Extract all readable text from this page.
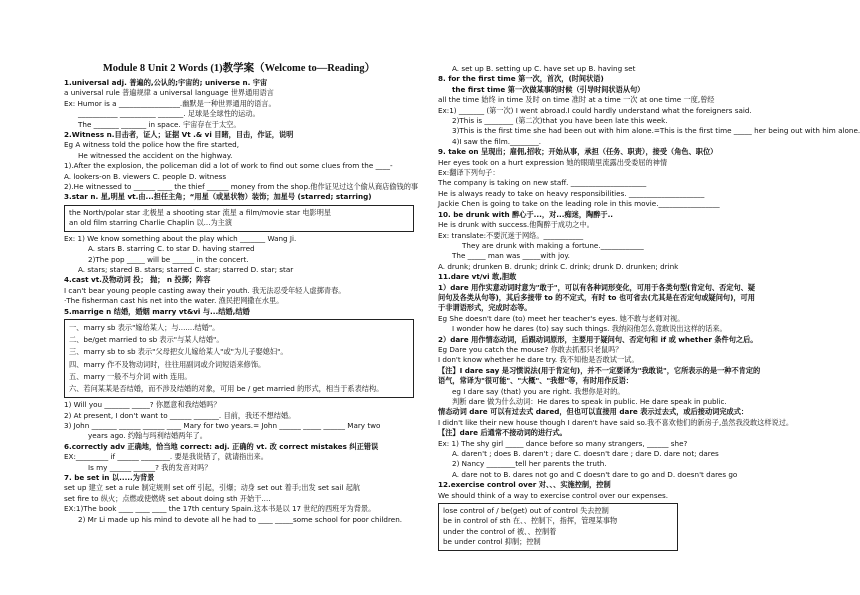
Module 8 Unit 2 Words (1)教学案（Welcome to—Reading）

1.universal adj. 普遍的,公认的;宇宙的; universe n. 宇宙

a universal rule 普遍规律 a universal language 世界通用语言

Ex: Humor is a _________________.幽默是一种世界通用的语言。

___________ __________ _______. 足球是全球性的运动。

The _______ _______ in space. 宇宙存在于太空。

2.Witness n.目击者，证人；证据 Vt .& vi 目睹，目击，作证，说明

Eg A witness told the police how the fire started,

He witnessed the accident on the highway.

1).After the explosion, the policeman did a lot of work to find out some clues from the ____-

A. lookers-on B. viewers C. people D. witness

2).He witnessed to ______ ____ the thief ______ money from the shop.他作证见过这个偷从商店偷钱的事

3.star n. 星,明星 vt.由...担任主角；“用星（或星状物）装饰；加星号 (starred; starring)

the North/polar star 北极星 a shooting star 流星 a film/movie star 电影明星

an old film starring Charlie Chaplin 以...为主演

Ex: 1) We know something about the play which _______ Wang Ji.

A. stars B. starring C. to star D. having starred

2)The pop _____ will be ______ in the concert.

A. stars; stared B. stars; starred C. star; starred D. star; star

4.cast vt.及物动词 投； 抛； n 投掷；阵容

I can't bear young people casting away their youth. 我无法忍受年轻人虚掷青春。

·The fisherman cast his net into the water. 渔民把网撒在水里。

5.marrige n 结婚，婚姻 marry vt&vi 与...结婚,结婚

一、marry sb 表示"嫁给某人；与.......结婚"。

二、be/get married to sb 表示"与某人结婚"。

三、marry sb to sb 表示"父母把女儿嫁给某人"或"为儿子娶媳妇"。

四、marry 作不及物动词时，往往用副词或介词短语来修饰。

五、marry 一般不与介词 with 连用。

六、若问某某是否结婚，而不涉及结婚的对象，可用 be / get married 的形式，相当于系表结构。

1) Will you _______ _____? 你愿意和我结婚吗？

2) At present, I don't want to ______ _______. 目前，我还不想结婚。

3) John _______ ______ ______ ____ Mary for two years.= John ______ _____ ______ Mary two

years ago. 约翰与玛利结婚两年了。

6.correctly adv 正确地，恰当地 correct: adj. 正确的 vt. 改 correct mistakes 纠正错误

EX:_________ if ______ ________. 要是我说错了，就请指出来。

Is my ______ ______? 我的发音对吗？

7. be set in 以.....为背景

set up 建立 set a rule 制定规则 set off 引起，引爆；动身 set out 着手;出发 set sail 起航

set fire to 纵火；点燃或使燃烧 set about doing sth 开始干....

EX:1)The book ____ ____ ____ the 17th century Spain.这本书是以 17 世纪的西班牙为背景。

2) Mr Li made up his mind to devote all he had to ____ _____some school for poor children.

A. set up B. setting up C. have set up B. having set

8. for the first time 第一次，首次，(时间状语)

the first time 第一次做某事的时候（引导时间状语从句）

all the time 始终 in time 及时 on time 准时 at a time 一次 at one time 一度,曾经

Ex:1) _______ (第一次) I went abroad.I could hardly understand what the foreigners said.

2)This is ________ (第二次)that you have been late this week.

3)This is the first time she had been out with him alone.=This is the first time _____ her being out with him alone.

4)I saw the film.________.

9. take on 呈现出；雇佣,招收；开始从事，承担（任务、职责），接受（角色、职位）

Her eyes took on a hurt expression 她的眼睛里流露出受委屈的神情

Ex:翻译下列句子：

The company is taking on new staff. _____________________

He is always ready to take on heavy responsibilities. _____________________

Jackie Chen is going to take on the leading role in this movie._________________

10. be drunk with 醉心于...，对...痴迷，陶醉于..

He is drunk with success.他陶醉于成功之中。

Ex: translate:不要沉迷于网络。___________

They are drunk with making a fortune.____________

The _____ man was _____with joy.

A. drunk; drunken B. drunk; drink C. drink; drunk D. drunken; drink

11.dare vt/vi 敢,胆敢

1）dare 用作实意动词时意为"敢于"，可以有各种词形变化，可用于各类句型(肯定句、否定句、疑

问句及各类从句等)，其后多接带 to 的不定式，有时 to 也可省去(尤其是在否定句或疑问句)，可用

于非谓语形式，完成时态等。

Eg She doesn't dare (to) meet her teacher's eyes. 她不敢与老师对视。

I wonder how he dares (to) say such things. 我纳闷他怎么竟敢说出这样的话来。

2）dare 用作情态动词，后跟动词原形，主要用于疑问句、否定句和 if 或 whether 条件句之后。

Eg Dare you catch the mouse? 你敢去抓那只老鼠吗？

I don't know whether he dare try. 我不知他是否敢试一试。

【注】I dare say 是习惯说法(用于肯定句)，并不一定要译为"我敢说"，它所表示的是一种不肯定的

语气，常译为"很可能"、"大概"、"我想"等，有时用作反语：

eg I dare say (that) you are right. 我想你是对的。

判断 dare 做为什么动词：He dares to speak in public. He dare speak in public.

情态动词 dare 可以有过去式 dared，但也可以直接用 dare 表示过去式，或后接动词完成式：

I didn't like their new house though I daren't have said so.我不喜欢他们的新房子,虽然我没敢这样说过。

【注】dare 后通常不接动词的进行式。

Ex: 1) The shy girl _____ dance before so many strangers, ______ she?

A. daren't ; does B. daren't ; dare C. doesn't dare ; dare D. dare not; dares

2) Nancy ________tell her parents the truth.

A. dare not to B. dares not go and C doesn't dare to go and D. doesn't dares go

12.exercise control over 对、、、实施控制，控制

We should think of a way to exercise control over our expenses.

lose control of / be(get) out of control 失去控制

be in control of sth 在、、控制下，指挥，管理某事物

under the control of 被、、控制着

be under control 抑制；控制
